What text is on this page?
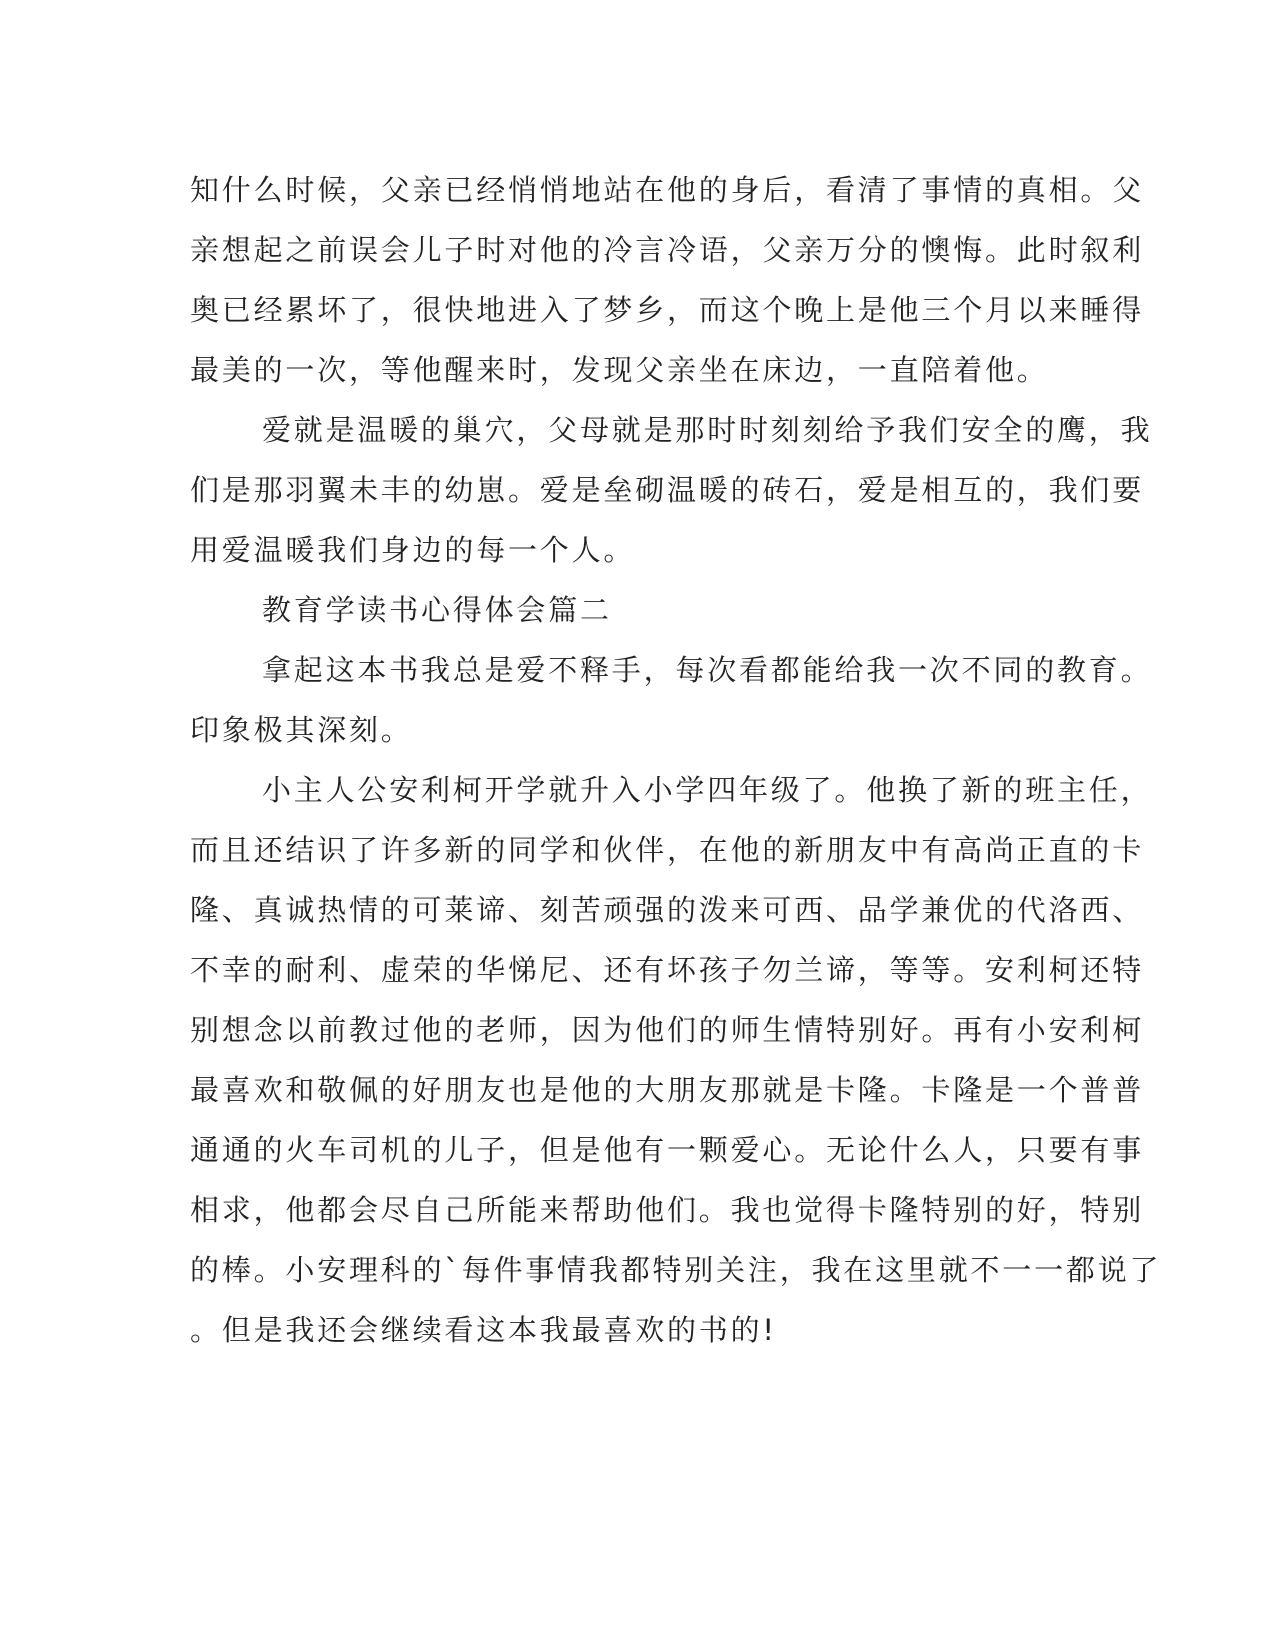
知什么时候，父亲已经悄悄地站在他的身后，看清了事情的真相。父
亲想起之前误会儿子时对他的冷言冷语，父亲万分的懊悔。此时叙利
奥已经累坏了，很快地进入了梦乡，而这个晚上是他三个月以来睡得
最美的一次，等他醒来时，发现父亲坐在床边，一直陪着他。
爱就是温暖的巢穴，父母就是那时时刻刻给予我们安全的鹰，我
们是那羽翼未丰的幼崽。爱是垒砌温暖的砖石，爱是相互的，我们要
用爱温暖我们身边的每一个人。
教育学读书心得体会篇二
拿起这本书我总是爱不释手，每次看都能给我一次不同的教育。
印象极其深刻。
小主人公安利柯开学就升入小学四年级了。他换了新的班主任，
而且还结识了许多新的同学和伙伴，在他的新朋友中有高尚正直的卡
隆、真诚热情的可莱谛、刻苦顽强的泼来可西、品学兼优的代洛西、
不幸的耐利、虚荣的华悌尼、还有坏孩子勿兰谛，等等。安利柯还特
别想念以前教过他的老师，因为他们的师生情特别好。再有小安利柯
最喜欢和敬佩的好朋友也是他的大朋友那就是卡隆。卡隆是一个普普
通通的火车司机的儿子，但是他有一颗爱心。无论什么人，只要有事
相求，他都会尽自己所能来帮助他们。我也觉得卡隆特别的好，特别
的棒。小安理科的`每件事情我都特别关注，我在这里就不一一都说了
。但是我还会继续看这本我最喜欢的书的!
